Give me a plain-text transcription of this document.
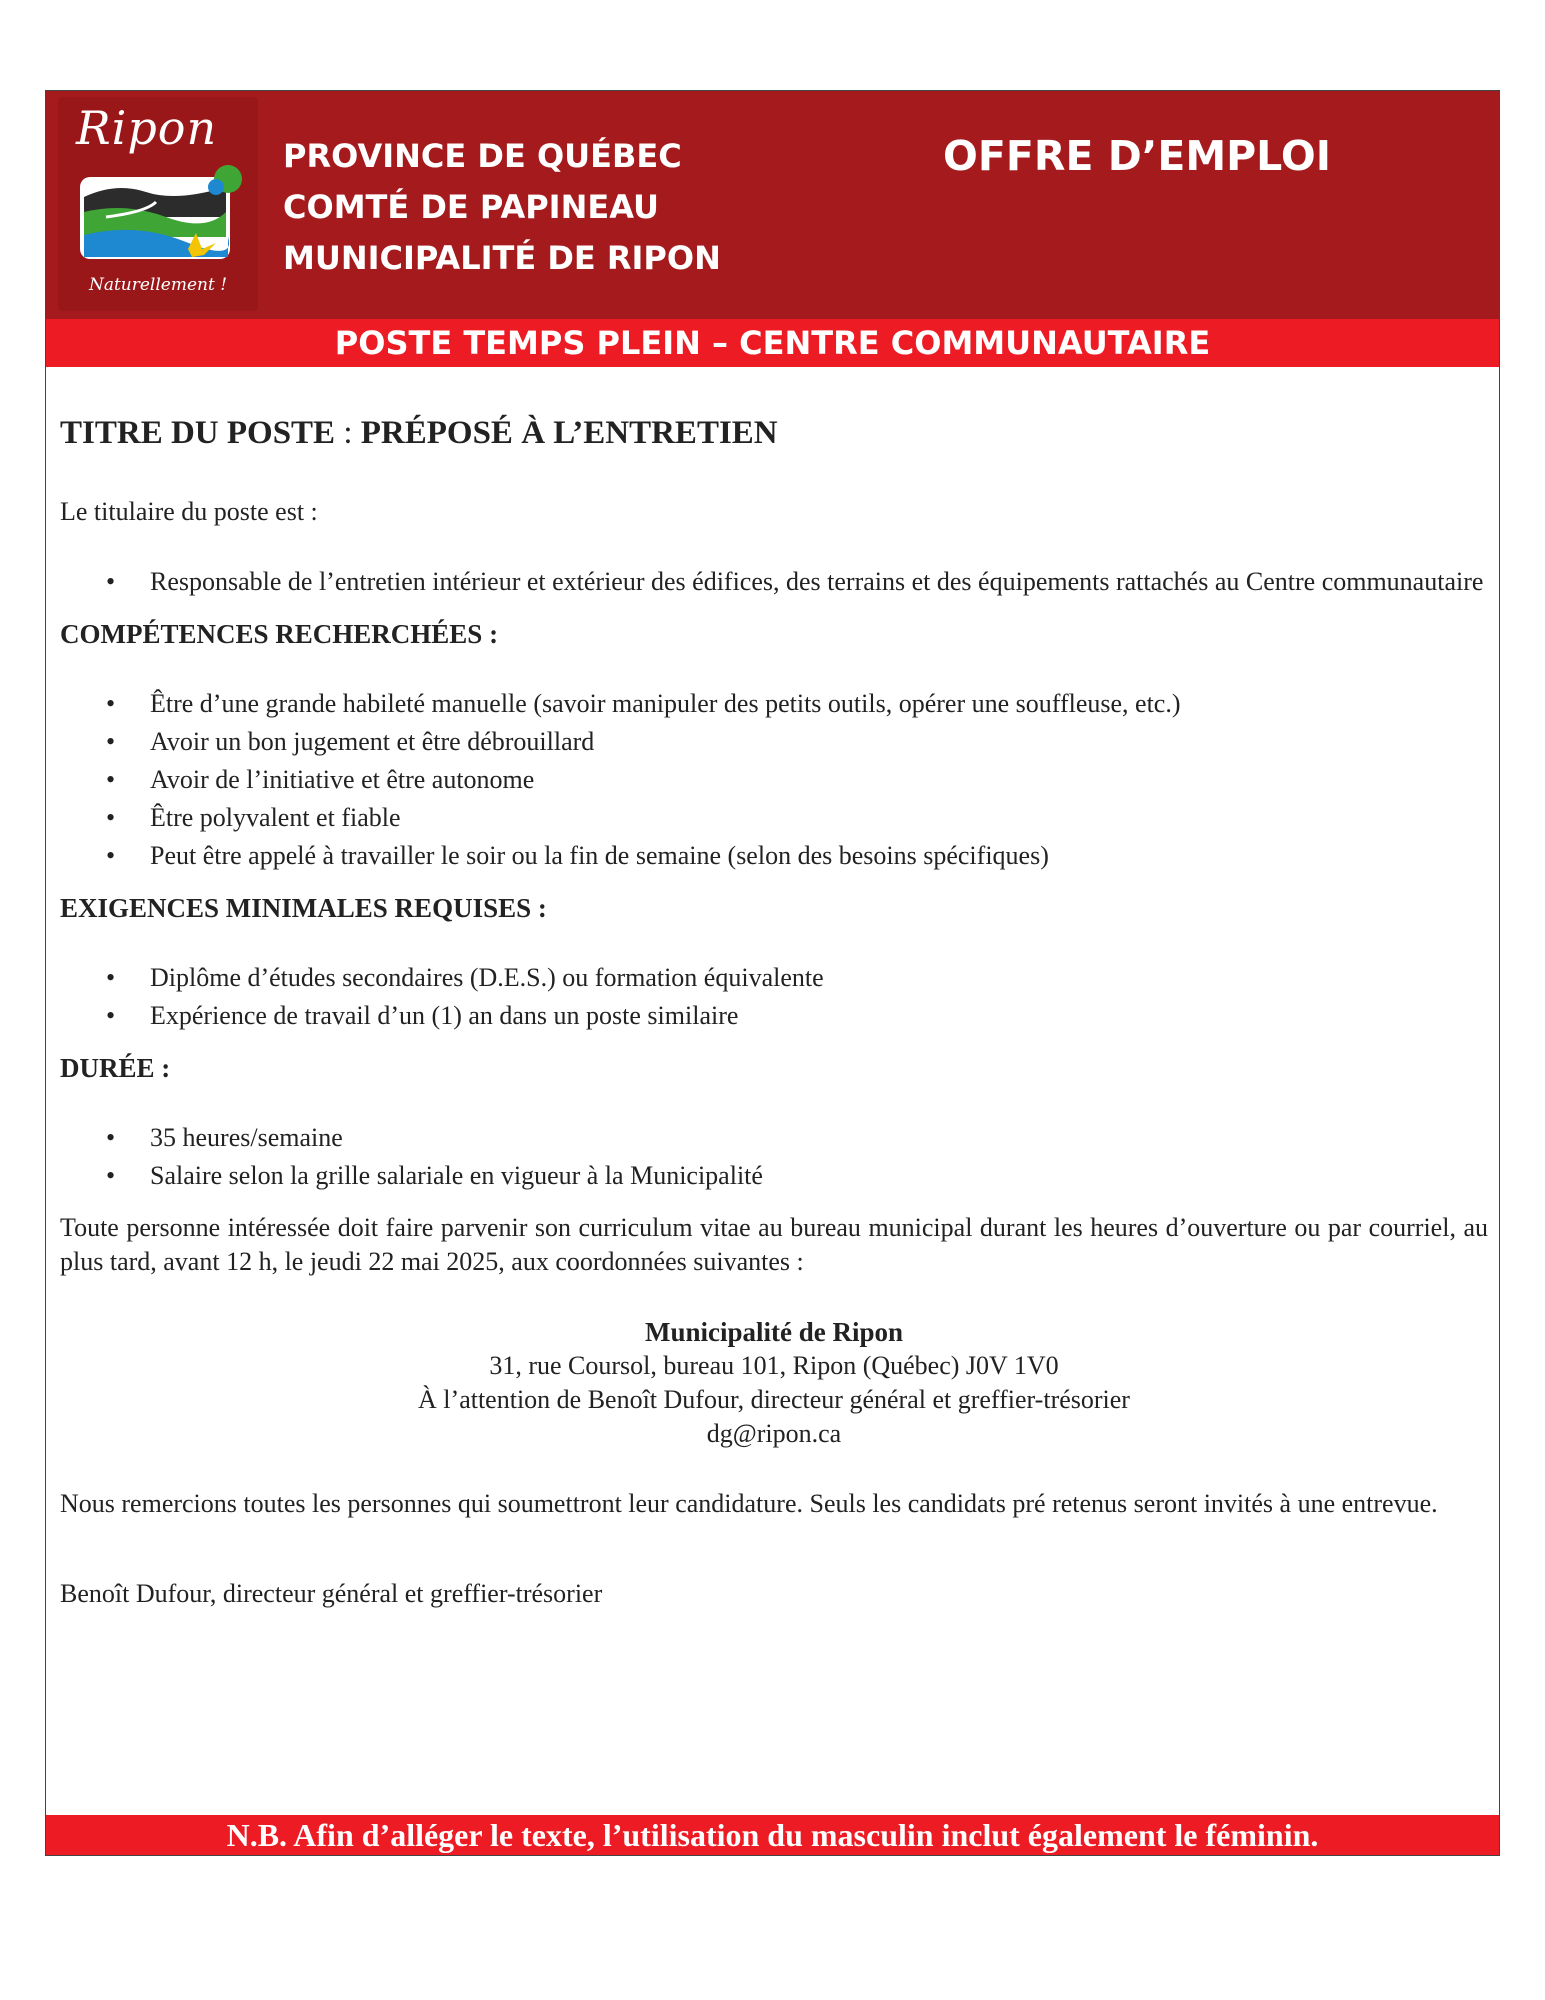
Ripon
Naturellement !
PROVINCE DE QUÉBEC
COMTÉ DE PAPINEAU
MUNICIPALITÉ DE RIPON
OFFRE D’EMPLOI
POSTE TEMPS PLEIN – CENTRE COMMUNAUTAIRE
TITRE DU POSTE : PRÉPOSÉ À L’ENTRETIEN

Le titulaire du poste est :

• Responsable de l’entretien intérieur et extérieur des édifices, des terrains et des équipements rattachés au Centre communautaire
COMPÉTENCES RECHERCHÉES :
• Être d’une grande habileté manuelle (savoir manipuler des petits outils, opérer une souffleuse, etc.)
• Avoir un bon jugement et être débrouillard
• Avoir de l’initiative et être autonome
• Être polyvalent et fiable
• Peut être appelé à travailler le soir ou la fin de semaine (selon des besoins spécifiques)
EXIGENCES MINIMALES REQUISES :
• Diplôme d’études secondaires (D.E.S.) ou formation équivalente
• Expérience de travail d’un (1) an dans un poste similaire
DURÉE :
• 35 heures/semaine
• Salaire selon la grille salariale en vigueur à la Municipalité

Toute personne intéressée doit faire parvenir son curriculum vitae au bureau municipal durant les heures d’ouverture ou par courriel, au plus tard, avant 12 h, le jeudi 22 mai 2025, aux coordonnées suivantes :

Municipalité de Ripon
31, rue Coursol, bureau 101, Ripon (Québec) J0V 1V0
À l’attention de Benoît Dufour, directeur général et greffier-trésorier
dg@ripon.ca

Nous remercions toutes les personnes qui soumettront leur candidature. Seuls les candidats pré retenus seront invités à une entrevue.

Benoît Dufour, directeur général et greffier-trésorier

N.B. Afin d’alléger le texte, l’utilisation du masculin inclut également le féminin.
